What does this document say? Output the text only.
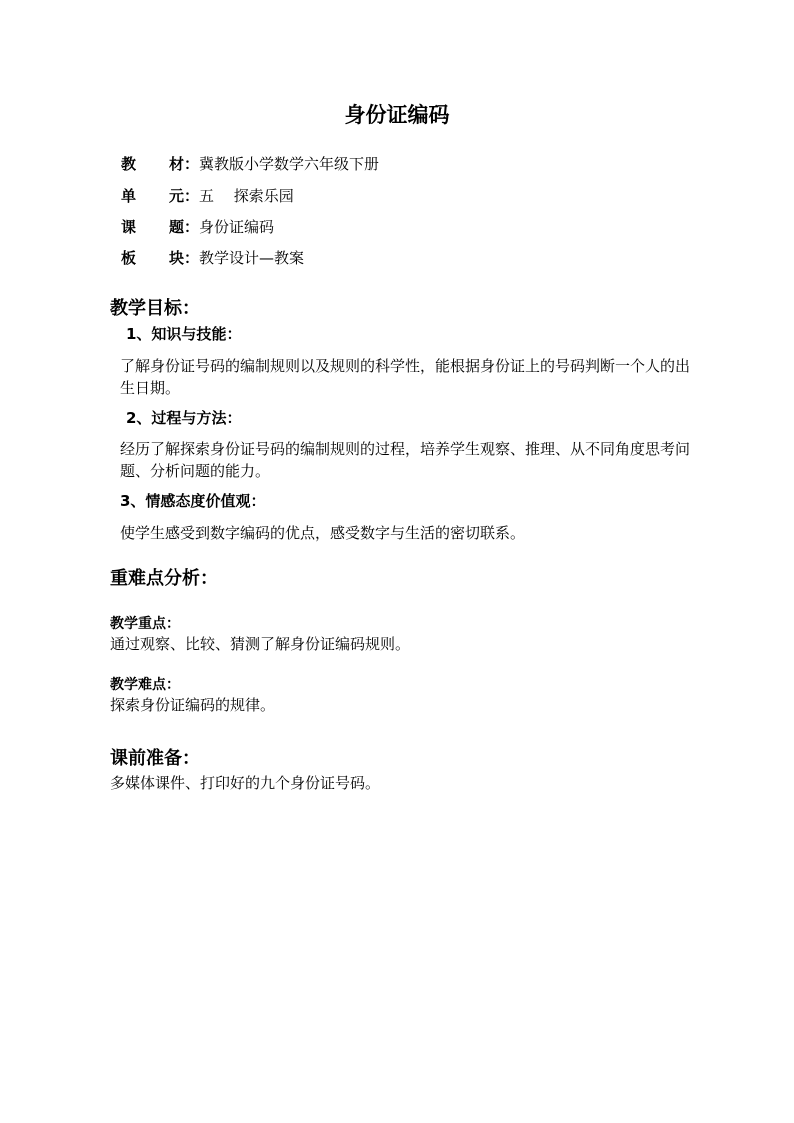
身份证编码
教 材：冀教版小学数学六年级下册
单 元：五　 探索乐园
课 题：身份证编码
板 块：教学设计—教案
教学目标：
1、知识与技能：
了解身份证号码的编制规则以及规则的科学性，能根据身份证上的号码判断一个人的出生日期。
2、过程与方法：
经历了解探索身份证号码的编制规则的过程，培养学生观察、推理、从不同角度思考问题、分析问题的能力。
3、情感态度价值观：
使学生感受到数字编码的优点，感受数字与生活的密切联系。
重难点分析：
教学重点：
通过观察、比较、猜测了解身份证编码规则。
教学难点：
探索身份证编码的规律。
课前准备：
多媒体课件、打印好的九个身份证号码。
